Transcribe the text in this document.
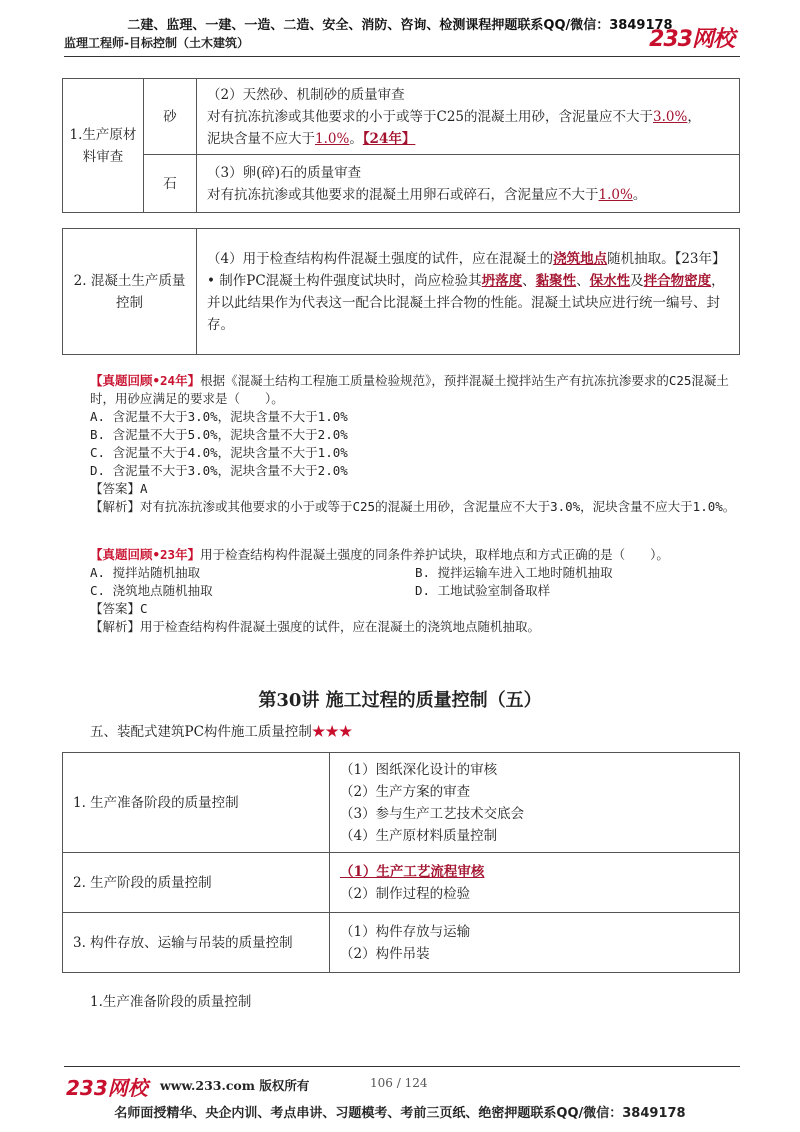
二建、监理、一建、一造、二造、安全、消防、咨询、检测课程押题联系QQ/微信：3849178
监理工程师-目标控制（土木建筑）	233网校
1.生产原材料审查	砂	（2）天然砂、机制砂的质量审查
对有抗冻抗渗或其他要求的小于或等于C25的混凝土用砂，含泥量应不大于3.0%，
泥块含量不应大于1.0%。【24年】

	石	（3）卵(碎)石的质量审查
对有抗冻抗渗或其他要求的混凝土用卵石或碎石，含泥量应不大于1.0%。
2. 混凝土生产质量控制

（4）用于检查结构构件混凝土强度的试件，应在混凝土的浇筑地点随机抽取。【23年】
• 制作PC混凝土构件强度试块时，尚应检验其坍落度、黏聚性、保水性及拌合物密度，并以此结果作为代表这一配合比混凝土拌合物的性能。混凝土试块应进行统一编号、封存。
【真题回顾•24年】根据《混凝土结构工程施工质量检验规范》，预拌混凝土搅拌站生产有抗冻抗渗要求的C25混凝土时，用砂应满足的要求是（　　）。
A. 含泥量不大于3.0%，泥块含量不大于1.0%
B. 含泥量不大于5.0%，泥块含量不大于2.0%
C. 含泥量不大于4.0%，泥块含量不大于1.0%
D. 含泥量不大于3.0%，泥块含量不大于2.0%
【答案】A
【解析】对有抗冻抗渗或其他要求的小于或等于C25的混凝土用砂，含泥量应不大于3.0%，泥块含量不应大于1.0%。
【真题回顾•23年】用于检查结构构件混凝土强度的同条件养护试块，取样地点和方式正确的是（　　）。
A. 搅拌站随机抽取	B. 搅拌运输车进入工地时随机抽取
C. 浇筑地点随机抽取	D. 工地试验室制备取样
【答案】C
【解析】用于检查结构构件混凝土强度的试件，应在混凝土的浇筑地点随机抽取。
第30讲 施工过程的质量控制（五）
五、装配式建筑PC构件施工质量控制★★★
1. 生产准备阶段的质量控制	（1）图纸深化设计的审核
（2）生产方案的审查
（3）参与生产工艺技术交底会
（4）生产原材料质量控制

2. 生产阶段的质量控制	（1）生产工艺流程审核
（2）制作过程的检验

3. 构件存放、运输与吊装的质量控制	（1）构件存放与运输
（2）构件吊装
1.生产准备阶段的质量控制
233网校 www.233.com 版权所有	106 / 124
名师面授精华、央企内训、考点串讲、习题模考、考前三页纸、绝密押题联系QQ/微信：3849178
